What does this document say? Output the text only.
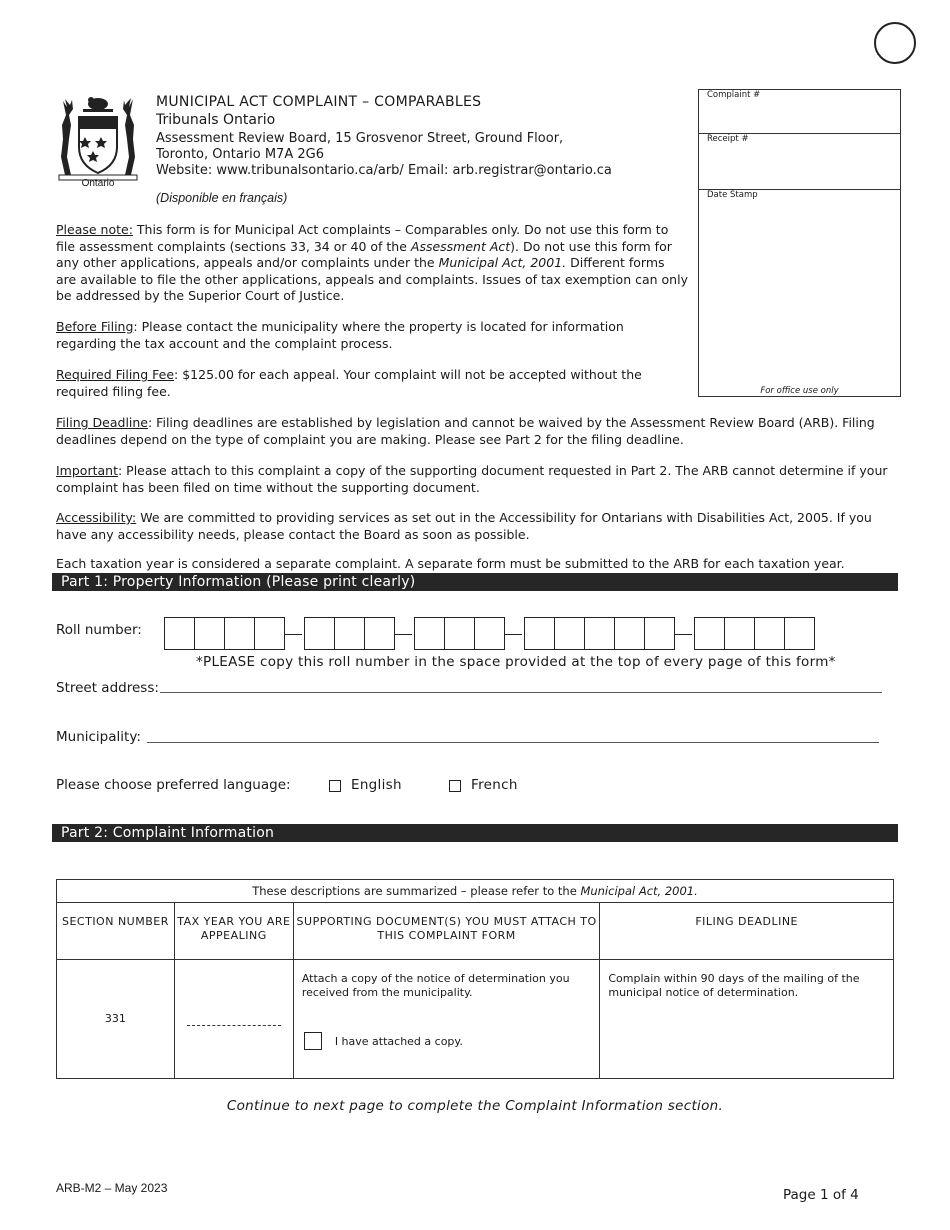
Ontario
MUNICIPAL ACT COMPLAINT – COMPARABLES
Tribunals Ontario
Assessment Review Board, 15 Grosvenor Street, Ground Floor,
Toronto, Ontario M7A 2G6
Website: www.tribunalsontario.ca/arb/ Email: arb.registrar@ontario.ca
(Disponible en français)
Complaint #
Receipt #
Date Stamp
For office use only
Please note: This form is for Municipal Act complaints – Comparables only. Do not use this form to file assessment complaints (sections 33, 34 or 40 of the Assessment Act). Do not use this form for any other applications, appeals and/or complaints under the Municipal Act, 2001. Different forms are available to file the other applications, appeals and complaints. Issues of tax exemption can only be addressed by the Superior Court of Justice.
Before Filing: Please contact the municipality where the property is located for information regarding the tax account and the complaint process.
Required Filing Fee: $125.00 for each appeal. Your complaint will not be accepted without the required filing fee.
Filing Deadline: Filing deadlines are established by legislation and cannot be waived by the Assessment Review Board (ARB). Filing deadlines depend on the type of complaint you are making. Please see Part 2 for the filing deadline.
Important: Please attach to this complaint a copy of the supporting document requested in Part 2. The ARB cannot determine if your complaint has been filed on time without the supporting document.
Accessibility: We are committed to providing services as set out in the Accessibility for Ontarians with Disabilities Act, 2005. If you have any accessibility needs, please contact the Board as soon as possible.
Each taxation year is considered a separate complaint. A separate form must be submitted to the ARB for each taxation year.
Part 1: Property Information (Please print clearly)
Roll number:
*PLEASE copy this roll number in the space provided at the top of every page of this form*
Street address:
Municipality:
Please choose preferred language:	English	French
Part 2: Complaint Information
These descriptions are summarized – please refer to the Municipal Act, 2001.			
SECTION NUMBER	TAX YEAR YOU ARE APPEALING	SUPPORTING DOCUMENT(S) YOU MUST ATTACH TO THIS COMPLAINT FORM	FILING DEADLINE
331		Attach a copy of the notice of determination you received from the municipality.
I have attached a copy.	Complain within 90 days of the mailing of the municipal notice of determination.
Continue to next page to complete the Complaint Information section.
ARB-M2 – May 2023	Page 1 of 4
